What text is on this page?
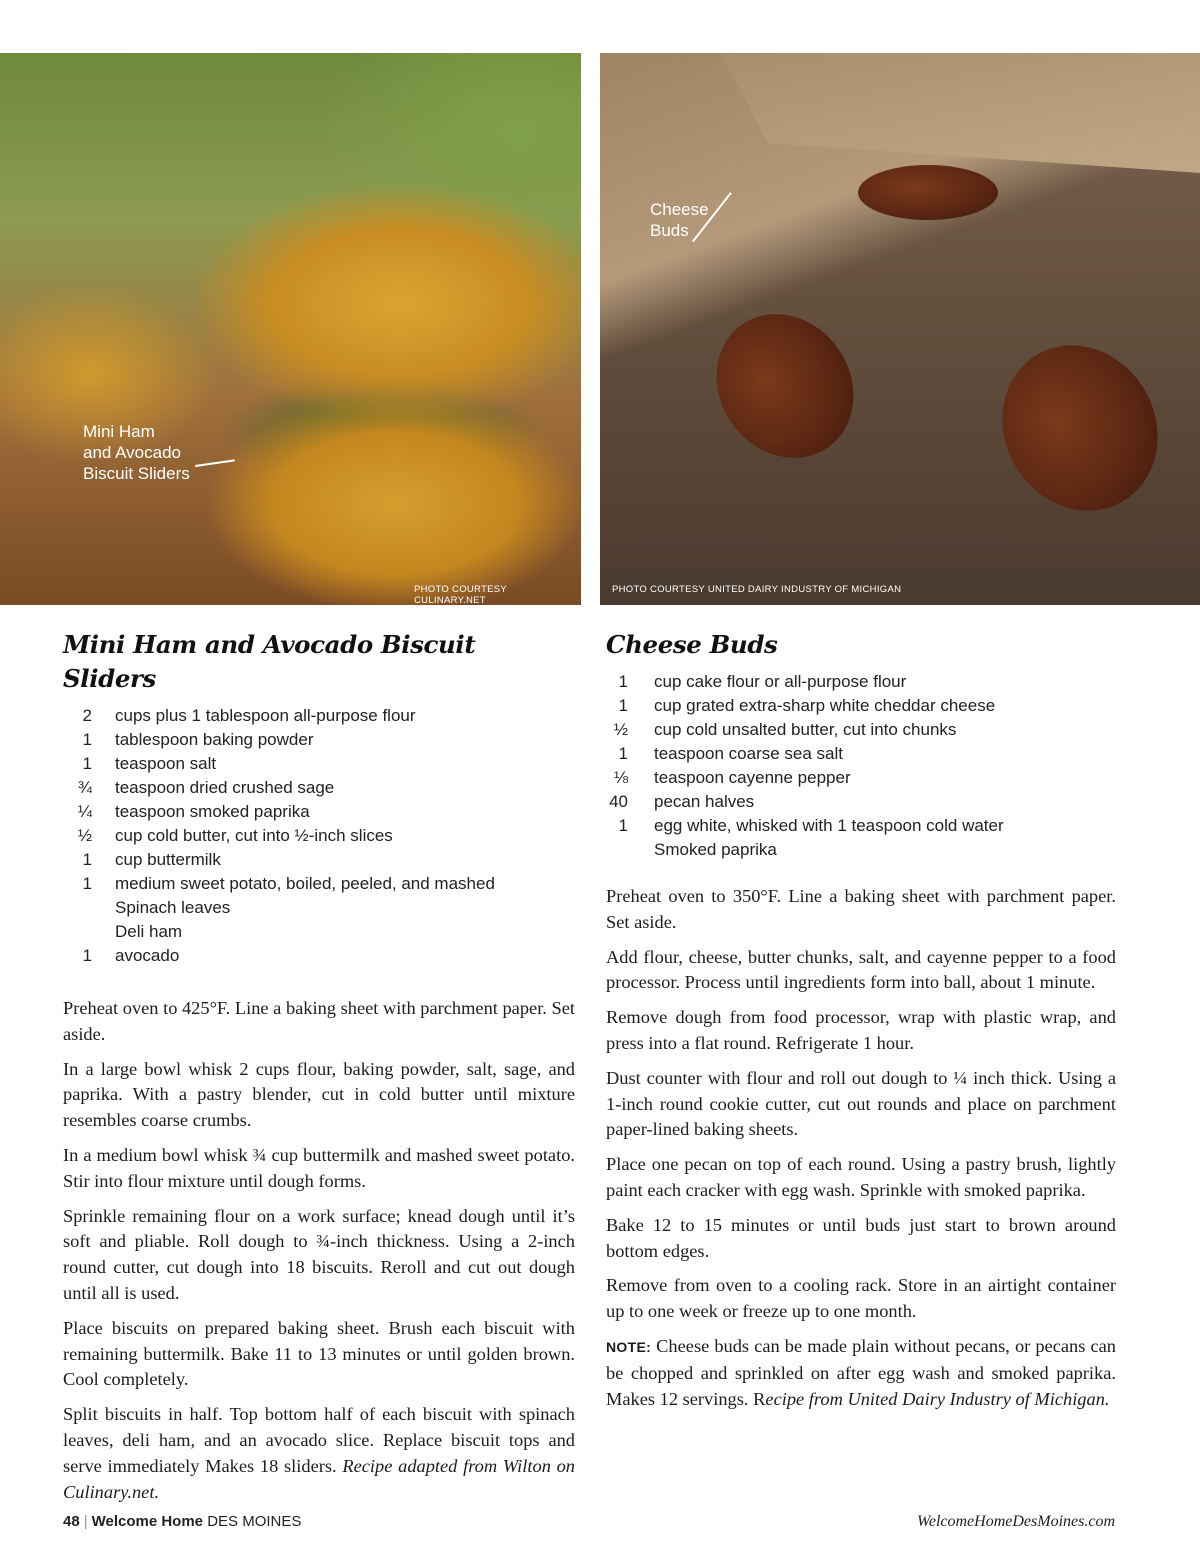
Mini Ham
and Avocado
Biscuit Sliders
PHOTO COURTESY CULINARY.NET
Cheese
Buds
PHOTO COURTESY UNITED DAIRY INDUSTRY OF MICHIGAN
Mini Ham and Avocado Biscuit Sliders
2	cups plus 1 tablespoon all-purpose flour
1	tablespoon baking powder
1	teaspoon salt
¾	teaspoon dried crushed sage
¼	teaspoon smoked paprika
½	cup cold butter, cut into ½-inch slices
1	cup buttermilk
1	medium sweet potato, boiled, peeled, and mashed
Spinach leaves
Deli ham
1	avocado

Preheat oven to 425°F. Line a baking sheet with parchment paper. Set aside.

In a large bowl whisk 2 cups flour, baking powder, salt, sage, and paprika. With a pastry blender, cut in cold butter until mixture resembles coarse crumbs.

In a medium bowl whisk ¾ cup buttermilk and mashed sweet potato. Stir into flour mixture until dough forms.

Sprinkle remaining flour on a work surface; knead dough until it’s soft and pliable. Roll dough to ¾-inch thickness. Using a 2-inch round cutter, cut dough into 18 biscuits. Reroll and cut out dough until all is used.

Place biscuits on prepared baking sheet. Brush each biscuit with remaining buttermilk. Bake 11 to 13 minutes or until golden brown. Cool completely.

Split biscuits in half. Top bottom half of each biscuit with spinach leaves, deli ham, and an avocado slice. Replace biscuit tops and serve immediately Makes 18 sliders. Recipe adapted from Wilton on Culinary.net.

Cheese Buds
1	cup cake flour or all-purpose flour
1	cup grated extra-sharp white cheddar cheese
½	cup cold unsalted butter, cut into chunks
1	teaspoon coarse sea salt
⅛	teaspoon cayenne pepper
40	pecan halves
1	egg white, whisked with 1 teaspoon cold water
Smoked paprika

Preheat oven to 350°F. Line a baking sheet with parchment paper. Set aside.

Add flour, cheese, butter chunks, salt, and cayenne pepper to a food processor. Process until ingredients form into ball, about 1 minute.

Remove dough from food processor, wrap with plastic wrap, and press into a flat round. Refrigerate 1 hour.

Dust counter with flour and roll out dough to ¼ inch thick. Using a 1-inch round cookie cutter, cut out rounds and place on parchment paper-lined baking sheets.

Place one pecan on top of each round. Using a pastry brush, lightly paint each cracker with egg wash. Sprinkle with smoked paprika.

Bake 12 to 15 minutes or until buds just start to brown around bottom edges.

Remove from oven to a cooling rack. Store in an airtight container up to one week or freeze up to one month.

NOTE: Cheese buds can be made plain without pecans, or pecans can be chopped and sprinkled on after egg wash and smoked paprika. Makes 12 servings. Recipe from United Dairy Industry of Michigan.

48 | Welcome Home DES MOINES	WelcomeHomeDesMoines.com
